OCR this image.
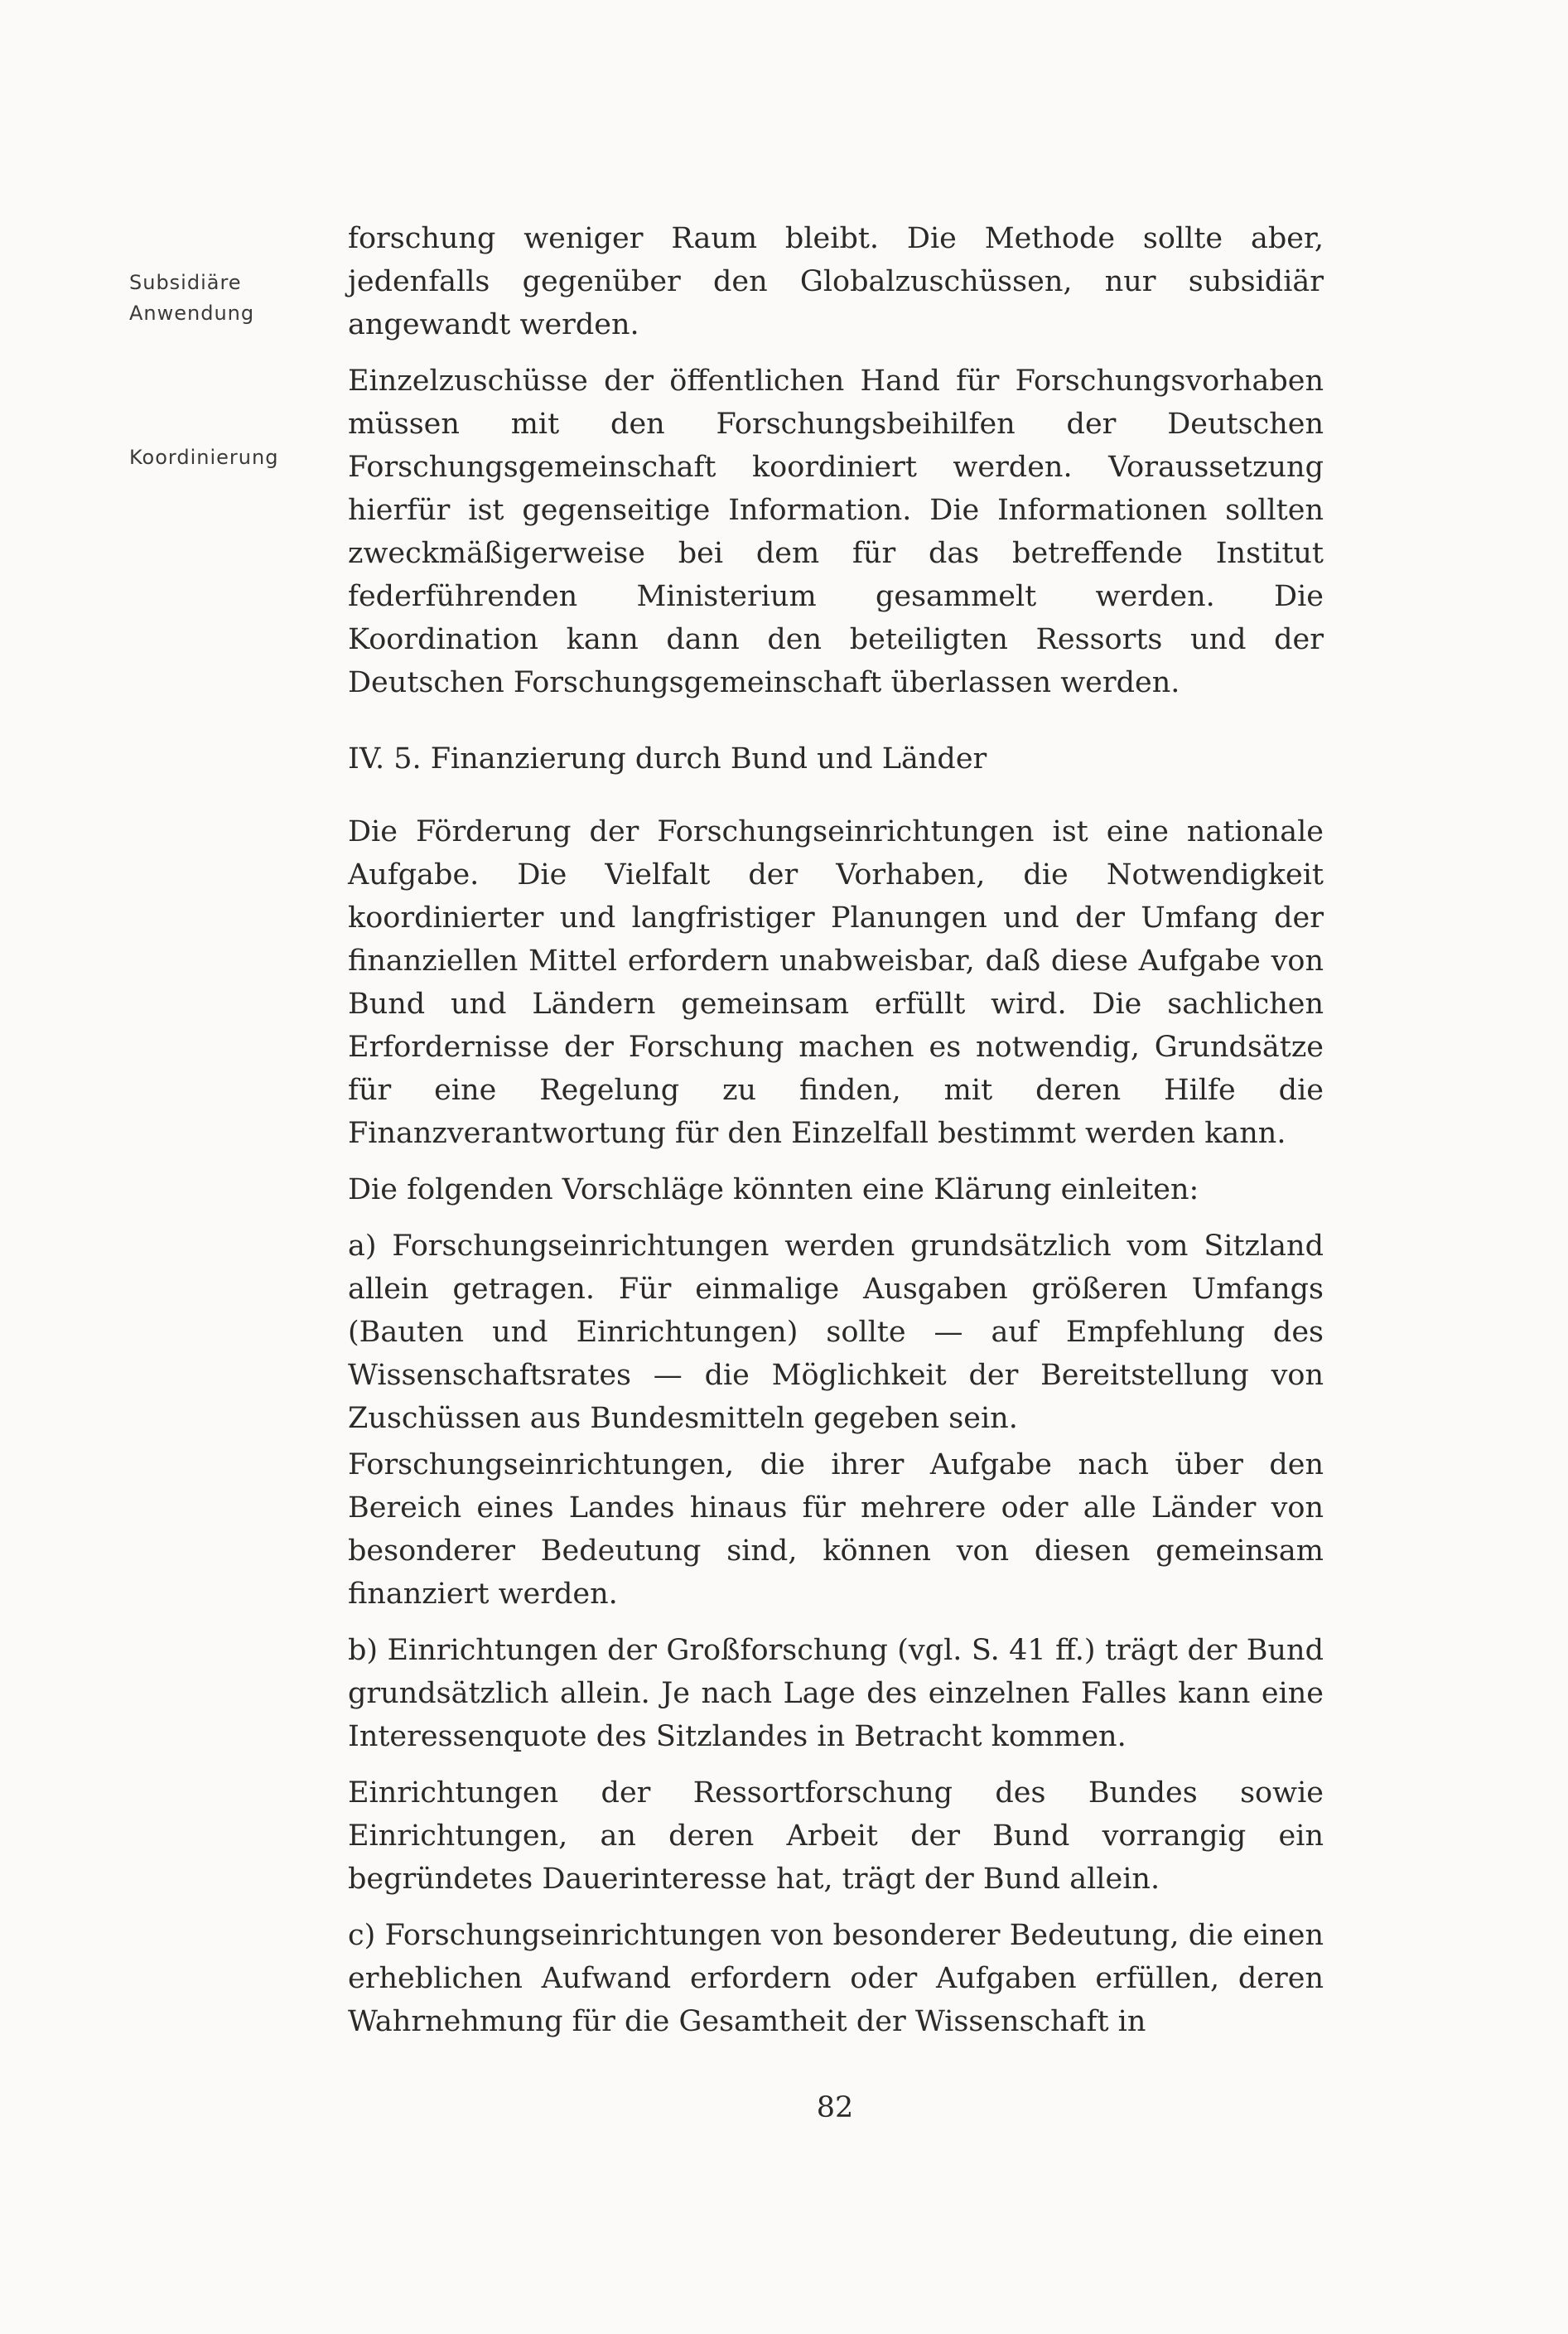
Subsidiäre
Anwendung
Koordinierung

forschung weniger Raum bleibt. Die Methode sollte aber, jedenfalls gegenüber den Globalzuschüssen, nur subsidiär angewandt werden.

Einzelzuschüsse der öffentlichen Hand für Forschungsvorhaben müssen mit den Forschungsbeihilfen der Deutschen Forschungsgemeinschaft koordiniert werden. Voraussetzung hierfür ist gegenseitige Information. Die Informationen sollten zweckmäßigerweise bei dem für das betreffende Institut federführenden Ministerium gesammelt werden. Die Koordination kann dann den beteiligten Ressorts und der Deutschen Forschungsgemeinschaft überlassen werden.

IV. 5. Finanzierung durch Bund und Länder

Die Förderung der Forschungseinrichtungen ist eine nationale Aufgabe. Die Vielfalt der Vorhaben, die Notwendigkeit koordinierter und langfristiger Planungen und der Umfang der finanziellen Mittel erfordern unabweisbar, daß diese Aufgabe von Bund und Ländern gemeinsam erfüllt wird. Die sachlichen Erfordernisse der Forschung machen es notwendig, Grundsätze für eine Regelung zu finden, mit deren Hilfe die Finanzverantwortung für den Einzelfall bestimmt werden kann.

Die folgenden Vorschläge könnten eine Klärung einleiten:

a) Forschungseinrichtungen werden grundsätzlich vom Sitzland allein getragen. Für einmalige Ausgaben größeren Umfangs (Bauten und Einrichtungen) sollte — auf Empfehlung des Wissenschaftsrates — die Möglichkeit der Bereitstellung von Zuschüssen aus Bundesmitteln gegeben sein.

Forschungseinrichtungen, die ihrer Aufgabe nach über den Bereich eines Landes hinaus für mehrere oder alle Länder von besonderer Bedeutung sind, können von diesen gemeinsam finanziert werden.

b) Einrichtungen der Großforschung (vgl. S. 41 ff.) trägt der Bund grundsätzlich allein. Je nach Lage des einzelnen Falles kann eine Interessenquote des Sitzlandes in Betracht kommen.

Einrichtungen der Ressortforschung des Bundes sowie Einrichtungen, an deren Arbeit der Bund vorrangig ein begründetes Dauerinteresse hat, trägt der Bund allein.

c) Forschungseinrichtungen von besonderer Bedeutung, die einen erheblichen Aufwand erfordern oder Aufgaben erfüllen, deren Wahrnehmung für die Gesamtheit der Wissenschaft in

82
